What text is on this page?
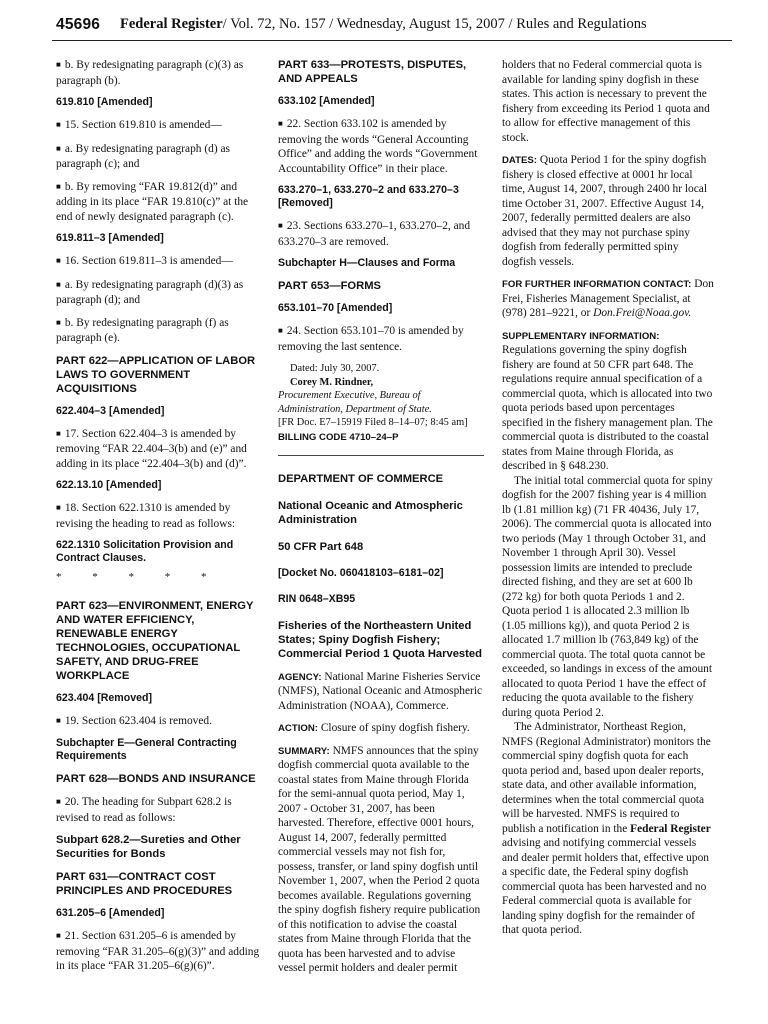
45696 Federal Register/ Vol. 72, No. 157 / Wednesday, August 15, 2007 / Rules and Regulations

■ b. By redesignating paragraph (c)(3) as paragraph (b).

619.810 [Amended]

■ 15. Section 619.810 is amended—

■ a. By redesignating paragraph (d) as paragraph (c); and

■ b. By removing “FAR 19.812(d)” and adding in its place “FAR 19.810(c)” at the end of newly designated paragraph (c).

619.811–3 [Amended]

■ 16. Section 619.811–3 is amended—

■ a. By redesignating paragraph (d)(3) as paragraph (d); and

■ b. By redesignating paragraph (f) as paragraph (e).

PART 622—APPLICATION OF LABOR LAWS TO GOVERNMENT ACQUISITIONS
622.404–3 [Amended]

■ 17. Section 622.404–3 is amended by removing “FAR 22.404–3(b) and (e)” and adding in its place “22.404–3(b) and (d)”.

622.13.10 [Amended]

■ 18. Section 622.1310 is amended by revising the heading to read as follows:

622.1310 Solicitation Provision and Contract Clauses.
* * * * *
PART 623—ENVIRONMENT, ENERGY AND WATER EFFICIENCY, RENEWABLE ENERGY TECHNOLOGIES, OCCUPATIONAL SAFETY, AND DRUG-FREE WORKPLACE
623.404 [Removed]

■ 19. Section 623.404 is removed.

Subchapter E—General Contracting Requirements
PART 628—BONDS AND INSURANCE

■ 20. The heading for Subpart 628.2 is revised to read as follows:

Subpart 628.2—Sureties and Other Securities for Bonds
PART 631—CONTRACT COST PRINCIPLES AND PROCEDURES
631.205–6 [Amended]

■ 21. Section 631.205–6 is amended by removing “FAR 31.205–6(g)(3)” and adding in its place “FAR 31.205–6(g)(6)”.

PART 633—PROTESTS, DISPUTES, AND APPEALS
633.102 [Amended]

■ 22. Section 633.102 is amended by removing the words “General Accounting Office” and adding the words “Government Accountability Office” in their place.

633.270–1, 633.270–2 and 633.270–3 [Removed]

■ 23. Sections 633.270–1, 633.270–2, and 633.270–3 are removed.

Subchapter H—Clauses and Forma
PART 653—FORMS
653.101–70 [Amended]

■ 24. Section 653.101–70 is amended by removing the last sentence.

Dated: July 30, 2007.

Corey M. Rindner,

Procurement Executive, Bureau of Administration, Department of State.

[FR Doc. E7–15919 Filed 8–14–07; 8:45 am]

BILLING CODE 4710–24–P
DEPARTMENT OF COMMERCE
National Oceanic and Atmospheric Administration
50 CFR Part 648
[Docket No. 060418103–6181–02]
RIN 0648–XB95
Fisheries of the Northeastern United States; Spiny Dogfish Fishery; Commercial Period 1 Quota Harvested

AGENCY: National Marine Fisheries Service (NMFS), National Oceanic and Atmospheric Administration (NOAA), Commerce.

ACTION: Closure of spiny dogfish fishery.

SUMMARY: NMFS announces that the spiny dogfish commercial quota available to the coastal states from Maine through Florida for the semi-annual quota period, May 1, 2007 - October 31, 2007, has been harvested. Therefore, effective 0001 hours, August 14, 2007, federally permitted commercial vessels may not fish for, possess, transfer, or land spiny dogfish until November 1, 2007, when the Period 2 quota becomes available. Regulations governing the spiny dogfish fishery require publication of this notification to advise the coastal states from Maine through Florida that the quota has been harvested and to advise vessel permit holders and dealer permit

holders that no Federal commercial quota is available for landing spiny dogfish in these states. This action is necessary to prevent the fishery from exceeding its Period 1 quota and to allow for effective management of this stock.

DATES: Quota Period 1 for the spiny dogfish fishery is closed effective at 0001 hr local time, August 14, 2007, through 2400 hr local time October 31, 2007. Effective August 14, 2007, federally permitted dealers are also advised that they may not purchase spiny dogfish from federally permitted spiny dogfish vessels.

FOR FURTHER INFORMATION CONTACT: Don Frei, Fisheries Management Specialist, at (978) 281–9221, or Don.Frei@Noaa.gov.

SUPPLEMENTARY INFORMATION:
Regulations governing the spiny dogfish fishery are found at 50 CFR part 648. The regulations require annual specification of a commercial quota, which is allocated into two quota periods based upon percentages specified in the fishery management plan. The commercial quota is distributed to the coastal states from Maine through Florida, as described in § 648.230.

The initial total commercial quota for spiny dogfish for the 2007 fishing year is 4 million lb (1.81 million kg) (71 FR 40436, July 17, 2006). The commercial quota is allocated into two periods (May 1 through October 31, and November 1 through April 30). Vessel possession limits are intended to preclude directed fishing, and they are set at 600 lb (272 kg) for both quota Periods 1 and 2. Quota period 1 is allocated 2.3 million lb (1.05 millions kg)), and quota Period 2 is allocated 1.7 million lb (763,849 kg) of the commercial quota. The total quota cannot be exceeded, so landings in excess of the amount allocated to quota Period 1 have the effect of reducing the quota available to the fishery during quota Period 2.

The Administrator, Northeast Region, NMFS (Regional Administrator) monitors the commercial spiny dogfish quota for each quota period and, based upon dealer reports, state data, and other available information, determines when the total commercial quota will be harvested. NMFS is required to publish a notification in the Federal Register advising and notifying commercial vessels and dealer permit holders that, effective upon a specific date, the Federal spiny dogfish commercial quota has been harvested and no Federal commercial quota is available for landing spiny dogfish for the remainder of that quota period.
